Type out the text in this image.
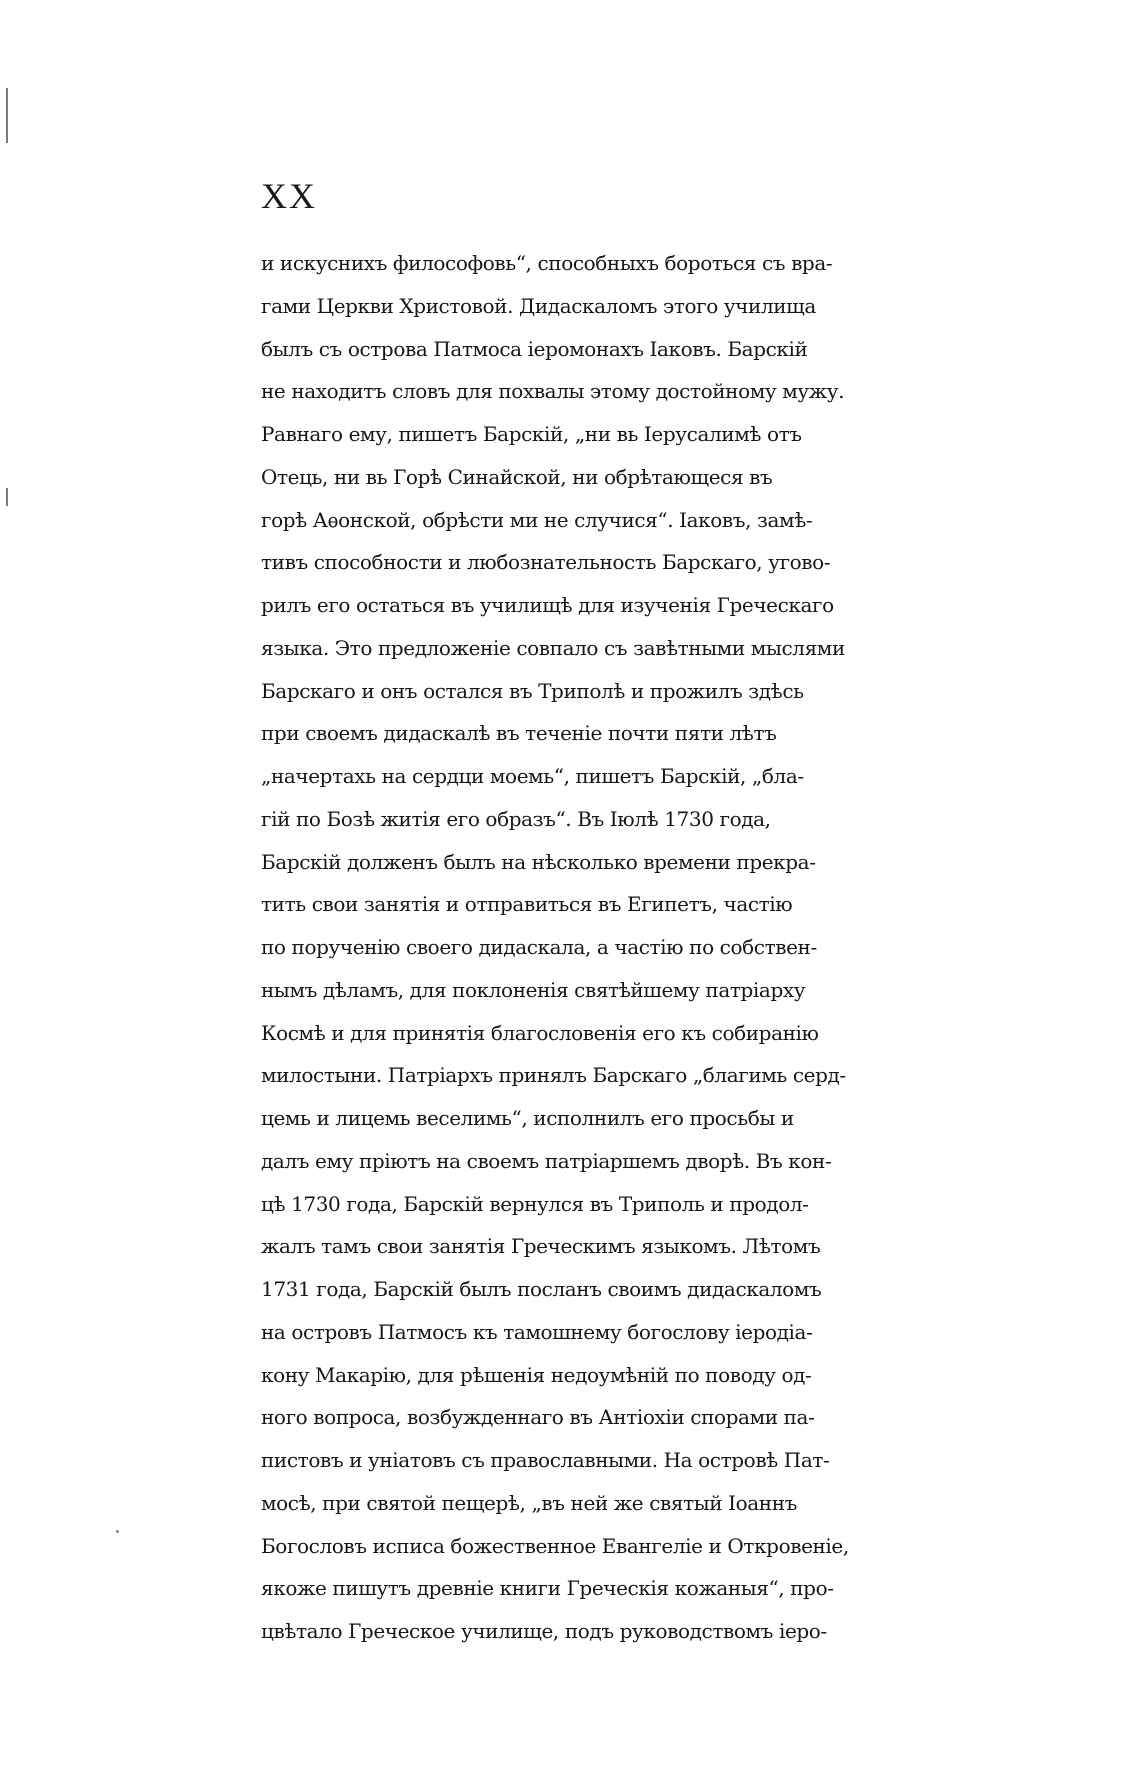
XX
и искуснихъ философовь“, способныхъ бороться съ вра-
гами Церкви Христовой. Дидаскаломъ этого училища
былъ съ острова Патмоса іеромонахъ Іаковъ. Барскій
не находитъ словъ для похвалы этому достойному мужу.
Равнаго ему, пишетъ Барскій, „ни вь Іерусалимѣ отъ
Отець, ни вь Горѣ Синайской, ни обрѣтающеся въ
горѣ Аѳонской, обрѣсти ми не случися“. Іаковъ, замѣ-
тивъ способности и любознательность Барскаго, угово-
рилъ его остаться въ училищѣ для изученія Греческаго
языка. Это предложеніе совпало съ завѣтными мыслями
Барскаго и онъ остался въ Триполѣ и прожилъ здѣсь
при своемъ дидаскалѣ въ теченіе почти пяти лѣтъ
„начертахь на сердци моемь“, пишетъ Барскій, „бла-
гій по Бозѣ житія его образъ“. Въ Іюлѣ 1730 года,
Барскій долженъ былъ на нѣсколько времени прекра-
тить свои занятія и отправиться въ Египетъ, частію
по порученію своего дидаскала, а частію по собствен-
нымъ дѣламъ, для поклоненія святѣйшему патріарху
Космѣ и для принятія благословенія его къ собиранію
милостыни. Патріархъ принялъ Барскаго „благимь серд-
цемь и лицемь веселимь“, исполнилъ его просьбы и
далъ ему пріютъ на своемъ патріаршемъ дворѣ. Въ кон-
цѣ 1730 года, Барскій вернулся въ Триполь и продол-
жалъ тамъ свои занятія Греческимъ языкомъ. Лѣтомъ
1731 года, Барскій былъ посланъ своимъ дидаскаломъ
на островъ Патмосъ къ тамошнему богослову іеродіа-
кону Макарію, для рѣшенія недоумѣній по поводу од-
ного вопроса, возбужденнаго въ Антіохіи спорами па-
пистовъ и уніатовъ съ православными. На островѣ Пат-
мосѣ, при святой пещерѣ, „въ ней же святый Іоаннъ
Богословъ исписа божественное Евангеліе и Откровеніе,
якоже пишутъ древніе книги Греческія кожаныя“, про-
цвѣтало Греческое училище, подъ руководствомъ іеро-
